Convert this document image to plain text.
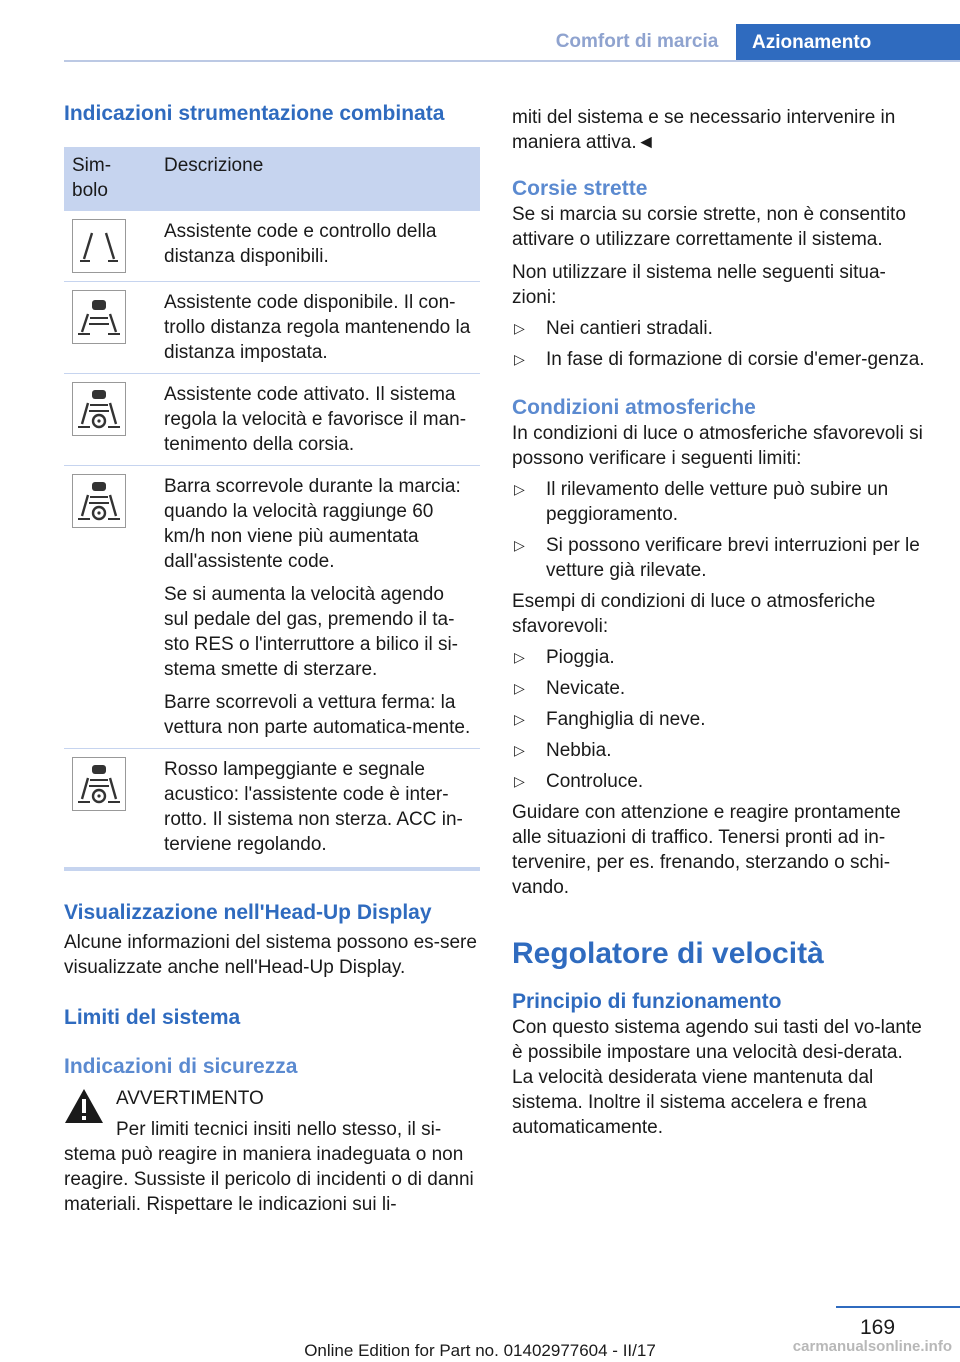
Comfort di marcia	Azionamento
Indicazioni strumentazione combinata
Sim-
bolo	Descrizione

Assistente code e controllo della distanza disponibili.

Assistente code disponibile. Il con-trollo distanza regola mantenendo la distanza impostata.

Assistente code attivato. Il sistema regola la velocità e favorisce il man-tenimento della corsia.

Barra scorrevole durante la marcia: quando la velocità raggiunge 60 km/h non viene più aumentata dall'assistente code.

Se si aumenta la velocità agendo sul pedale del gas, premendo il ta-sto RES o l'interruttore a bilico il si-stema smette di sterzare.

Barre scorrevoli a vettura ferma: la vettura non parte automatica-mente.

Rosso lampeggiante e segnale acustico: l'assistente code è inter-rotto. Il sistema non sterza. ACC in-terviene regolando.

Visualizzazione nell'Head-Up Display

Alcune informazioni del sistema possono es-sere visualizzate anche nell'Head-Up Display.

Limiti del sistema
Indicazioni di sicurezza
AVVERTIMENTO

Per limiti tecnici insiti nello stesso, il si-stema può reagire in maniera inadeguata o non reagire. Sussiste il pericolo di incidenti o di danni materiali. Rispettare le indicazioni sui li-

miti del sistema e se necessario intervenire in maniera attiva.◄

Corsie strette

Se si marcia su corsie strette, non è consentito attivare o utilizzare correttamente il sistema.

Non utilizzare il sistema nelle seguenti situa-zioni:

▷ Nei cantieri stradali.
▷ In fase di formazione di corsie d'emer-genza.
Condizioni atmosferiche

In condizioni di luce o atmosferiche sfavorevoli si possono verificare i seguenti limiti:

▷ Il rilevamento delle vetture può subire un peggioramento.
▷ Si possono verificare brevi interruzioni per le vetture già rilevate.

Esempi di condizioni di luce o atmosferiche sfavorevoli:

▷ Pioggia.
▷ Nevicate.
▷ Fanghiglia di neve.
▷ Nebbia.
▷ Controluce.

Guidare con attenzione e reagire prontamente alle situazioni di traffico. Tenersi pronti ad in-tervenire, per es. frenando, sterzando o schi-vando.

Regolatore di velocità
Principio di funzionamento

Con questo sistema agendo sui tasti del vo-lante è possibile impostare una velocità desi-derata. La velocità desiderata viene mantenuta dal sistema. Inoltre il sistema accelera e frena automaticamente.

169
Online Edition for Part no. 01402977604 - II/17	carmanualsonline.info
